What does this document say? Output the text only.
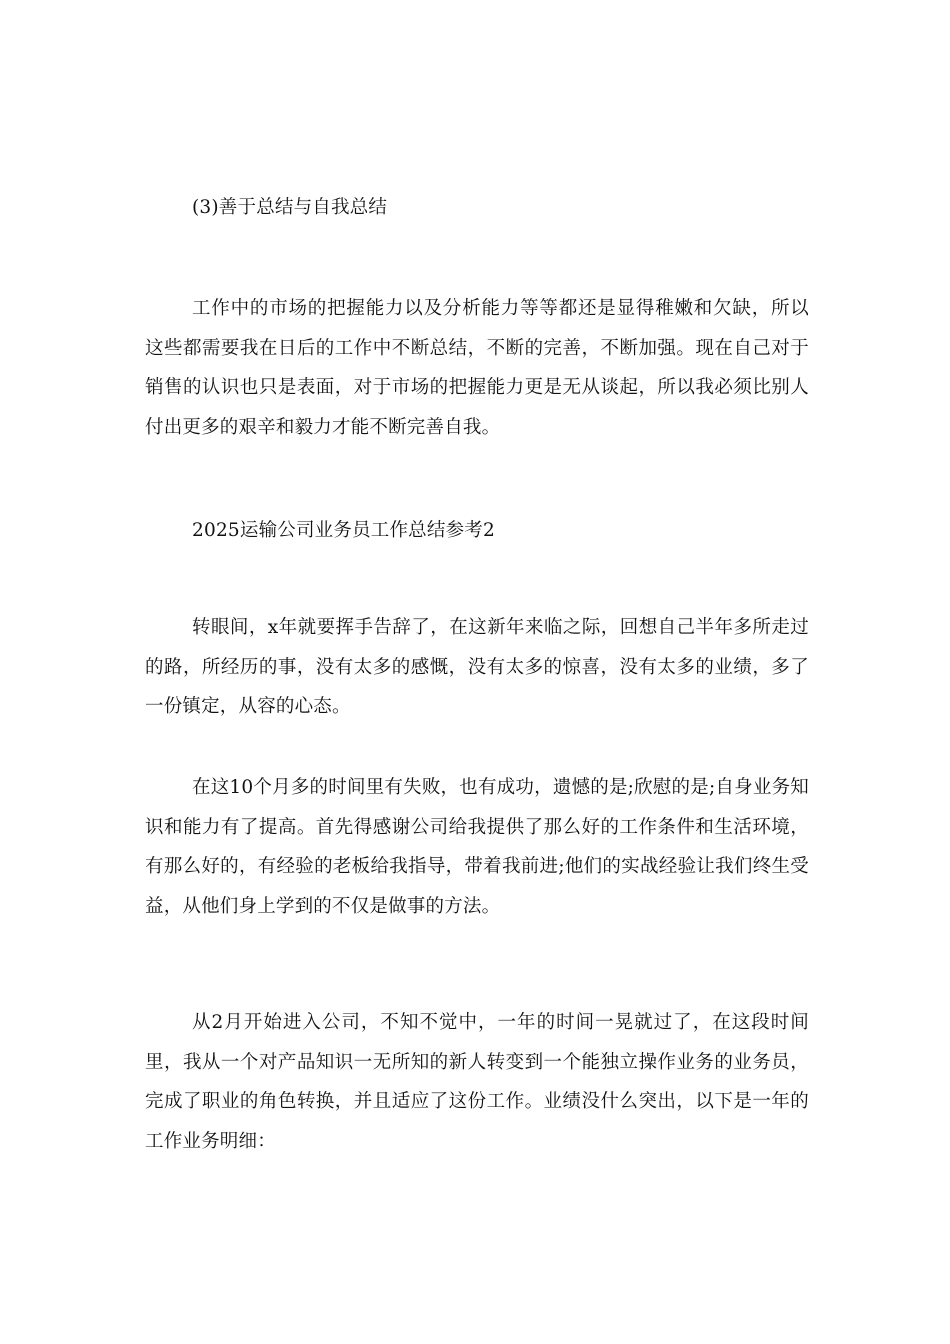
(3)善于总结与自我总结

工作中的市场的把握能力以及分析能力等等都还是显得稚嫩和欠缺，所以这些都需要我在日后的工作中不断总结，不断的完善，不断加强。现在自己对于销售的认识也只是表面，对于市场的把握能力更是无从谈起，所以我必须比别人付出更多的艰辛和毅力才能不断完善自我。

2025运输公司业务员工作总结参考2

转眼间，x年就要挥手告辞了，在这新年来临之际，回想自己半年多所走过的路，所经历的事，没有太多的感慨，没有太多的惊喜，没有太多的业绩，多了一份镇定，从容的心态。

在这10个月多的时间里有失败，也有成功，遗憾的是;欣慰的是;自身业务知识和能力有了提高。首先得感谢公司给我提供了那么好的工作条件和生活环境，有那么好的，有经验的老板给我指导，带着我前进;他们的实战经验让我们终生受益，从他们身上学到的不仅是做事的方法。

从2月开始进入公司，不知不觉中，一年的时间一晃就过了，在这段时间里，我从一个对产品知识一无所知的新人转变到一个能独立操作业务的业务员，完成了职业的角色转换，并且适应了这份工作。业绩没什么突出，以下是一年的工作业务明细：
